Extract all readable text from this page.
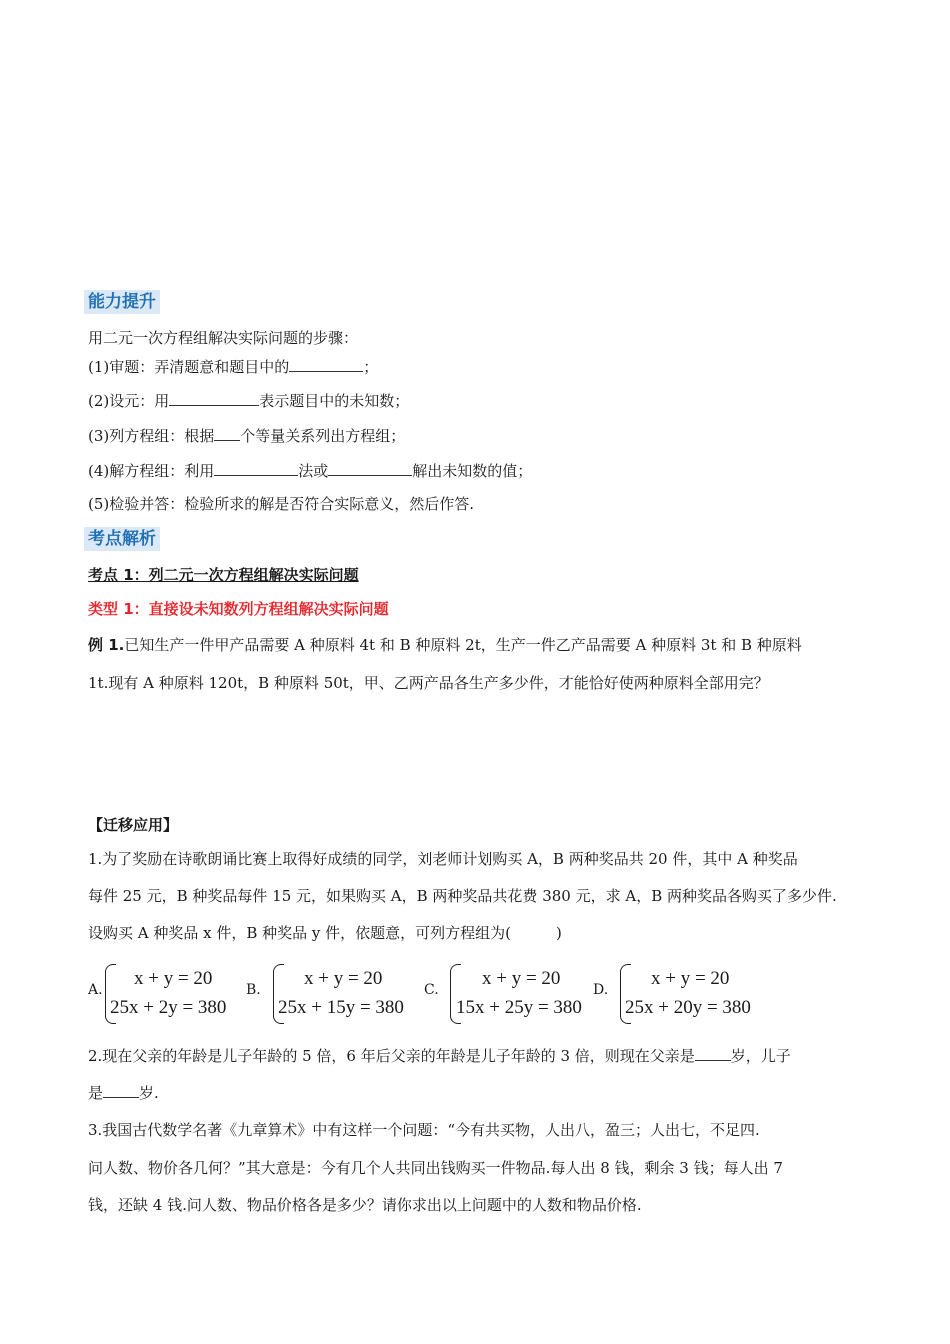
能力提升
用二元一次方程组解决实际问题的步骤：
(1)审题：弄清题意和题目中的	；
(2)设元：用	表示题目中的未知数；
(3)列方程组：根据 个等量关系列出方程组；
(4)解方程组：利用	法或	解出未知数的值；
(5)检验并答：检验所求的解是否符合实际意义，然后作答.
考点解析
考点 1：列二元一次方程组解决实际问题
类型 1：直接设未知数列方程组解决实际问题
例 1.已知生产一件甲产品需要 A 种原料 4t 和 B 种原料 2t，生产一件乙产品需要 A 种原料 3t 和 B 种原料
1t.现有 A 种原料 120t，B 种原料 50t，甲、乙两产品各生产多少件，才能恰好使两种原料全部用完？
【迁移应用】
1.为了奖励在诗歌朗诵比赛上取得好成绩的同学，刘老师计划购买 A，B 两种奖品共 20 件，其中 A 种奖品
每件 25 元，B 种奖品每件 15 元，如果购买 A，B 两种奖品共花费 380 元，求 A，B 两种奖品各购买了多少件.
设购买 A 种奖品 x 件，B 种奖品 y 件，依题意，可列方程组为(　　　)
A.
x + y = 20
25x + 2y = 380
B.
x + y = 20
25x + 15y = 380
C.
x + y = 20
15x + 25y = 380
D.
x + y = 20
25x + 20y = 380
2.现在父亲的年龄是儿子年龄的 5 倍，6 年后父亲的年龄是儿子年龄的 3 倍，则现在父亲是 岁，儿子
是 岁.
3.我国古代数学名著《九章算术》中有这样一个问题：“今有共买物，人出八，盈三；人出七，不足四.
问人数、物价各几何？”其大意是：今有几个人共同出钱购买一件物品.每人出 8 钱，剩余 3 钱；每人出 7
钱，还缺 4 钱.问人数、物品价格各是多少？请你求出以上问题中的人数和物品价格.
